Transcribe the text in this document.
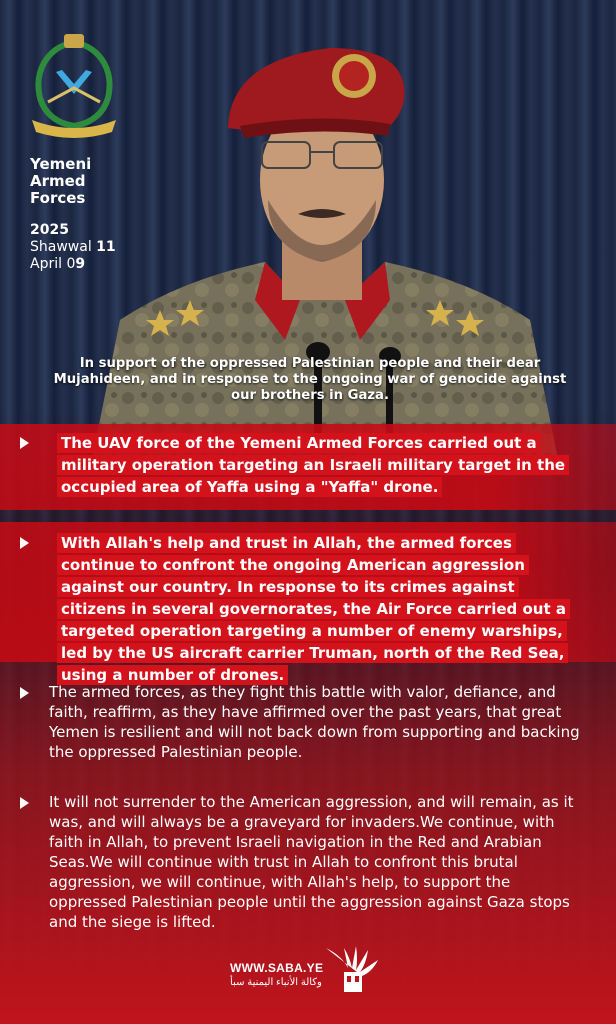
Yemeni
Armed
Forces
2025
Shawwal 11
April 09
In support of the oppressed Palestinian people and their dear Mujahideen, and in response to the ongoing war of genocide against our brothers in Gaza.
The UAV force of the Yemeni Armed Forces carried out a military operation targeting an Israeli military target in the occupied area of Yaffa using a "Yaffa" drone.
With Allah's help and trust in Allah, the armed forces continue to confront the ongoing American aggression against our country. In response to its crimes against citizens in several governorates, the Air Force carried out a targeted operation targeting a number of enemy warships, led by the US aircraft carrier Truman, north of the Red Sea, using a number of drones.
The armed forces, as they fight this battle with valor, defiance, and faith, reaffirm, as they have affirmed over the past years, that great Yemen is resilient and will not back down from supporting and backing the oppressed Palestinian people.
It will not surrender to the American aggression, and will remain, as it was, and will always be a graveyard for invaders.We continue, with faith in Allah, to prevent Israeli navigation in the Red and Arabian Seas.We will continue with trust in Allah to confront this brutal aggression, we will continue, with Allah's help, to support the oppressed Palestinian people until the aggression against Gaza stops and the siege is lifted.
WWW.SABA.YE
وكالة الأنباء اليمنية سبأ
